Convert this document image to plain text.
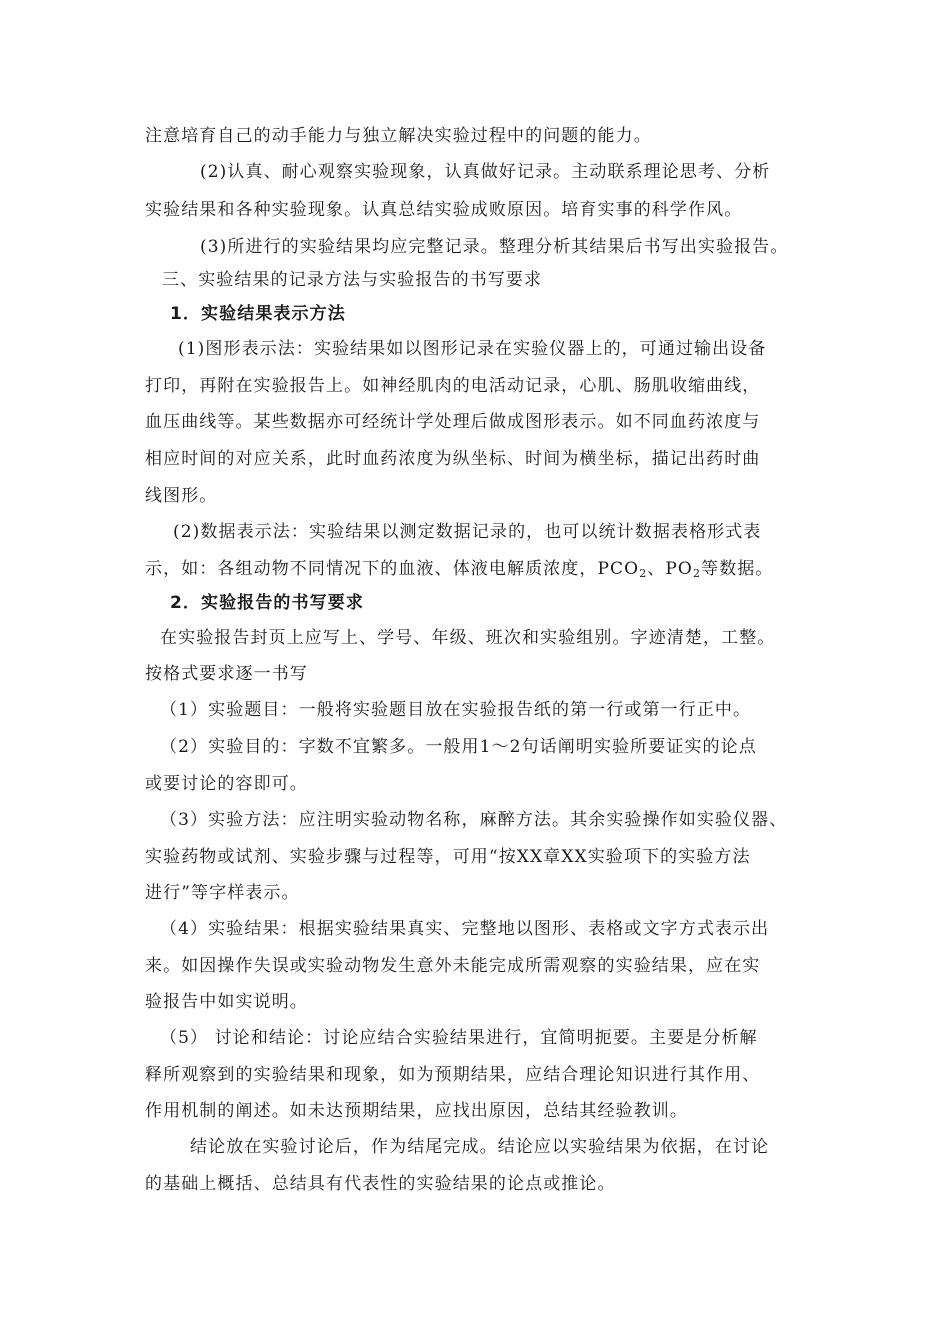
注意培育自己的动手能力与独立解决实验过程中的问题的能力。
(2)认真、耐心观察实验现象，认真做好记录。主动联系理论思考、分析
实验结果和各种实验现象。认真总结实验成败原因。培育实事的科学作风。
(3)所进行的实验结果均应完整记录。整理分析其结果后书写出实验报告。
三、实验结果的记录方法与实验报告的书写要求
1．实验结果表示方法
(1)图形表示法：实验结果如以图形记录在实验仪器上的，可通过输出设备
打印，再附在实验报告上。如神经肌肉的电活动记录，心肌、肠肌收缩曲线，
血压曲线等。某些数据亦可经统计学处理后做成图形表示。如不同血药浓度与
相应时间的对应关系，此时血药浓度为纵坐标、时间为横坐标，描记出药时曲
线图形。
(2)数据表示法：实验结果以测定数据记录的，也可以统计数据表格形式表
示，如：各组动物不同情况下的血液、体液电解质浓度，$PCO_2$、$PO_2$等数据。
2．实验报告的书写要求
在实验报告封页上应写上、学号、年级、班次和实验组别。字迹清楚，工整。
按格式要求逐一书写
（1）实验题目：一般将实验题目放在实验报告纸的第一行或第一行正中。
（2）实验目的：字数不宜繁多。一般用1～2句话阐明实验所要证实的论点
或要讨论的容即可。
（3）实验方法：应注明实验动物名称，麻醉方法。其余实验操作如实验仪器、
实验药物或试剂、实验步骤与过程等，可用“按XX章XX实验项下的实验方法
进行”等字样表示。
（4）实验结果：根据实验结果真实、完整地以图形、表格或文字方式表示出
来。如因操作失误或实验动物发生意外未能完成所需观察的实验结果，应在实
验报告中如实说明。
（5） 讨论和结论：讨论应结合实验结果进行，宜简明扼要。主要是分析解
释所观察到的实验结果和现象，如为预期结果，应结合理论知识进行其作用、
作用机制的阐述。如未达预期结果，应找出原因，总结其经验教训。
结论放在实验讨论后，作为结尾完成。结论应以实验结果为依据，在讨论
的基础上概括、总结具有代表性的实验结果的论点或推论。
